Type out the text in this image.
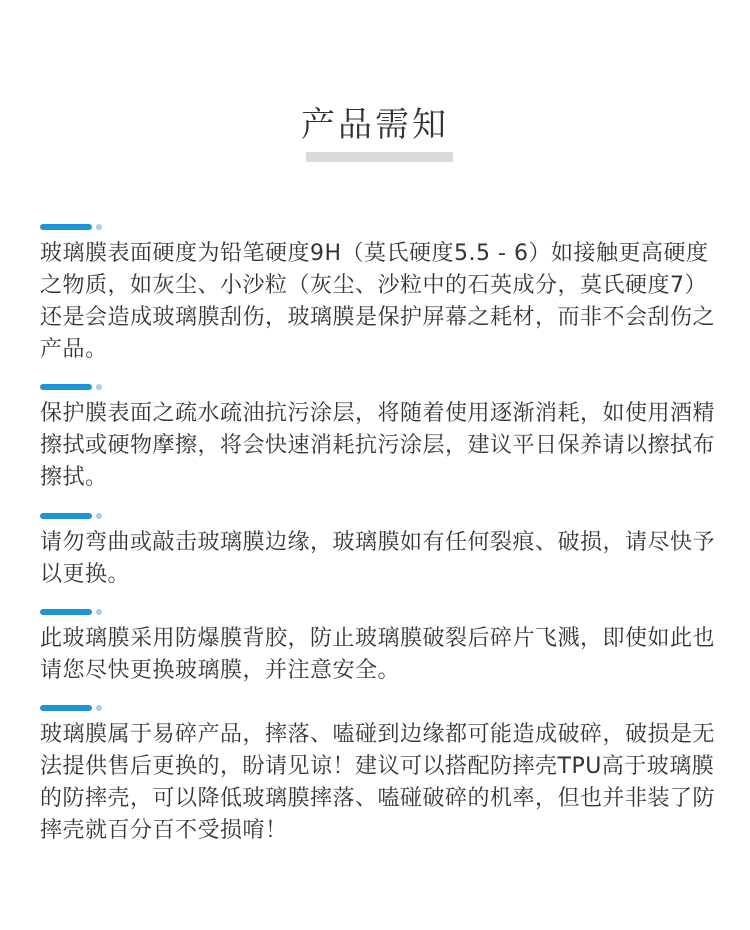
产品需知

玻璃膜表面硬度为铅笔硬度9H（莫氏硬度5.5 - 6）如接触更高硬度之物质，如灰尘、小沙粒（灰尘、沙粒中的石英成分，莫氏硬度7）还是会造成玻璃膜刮伤，玻璃膜是保护屏幕之耗材，而非不会刮伤之产品。

保护膜表面之疏水疏油抗污涂层，将随着使用逐渐消耗，如使用酒精擦拭或硬物摩擦，将会快速消耗抗污涂层，建议平日保养请以擦拭布擦拭。

请勿弯曲或敲击玻璃膜边缘，玻璃膜如有任何裂痕、破损，请尽快予以更换。

此玻璃膜采用防爆膜背胶，防止玻璃膜破裂后碎片飞溅，即使如此也请您尽快更换玻璃膜，并注意安全。

玻璃膜属于易碎产品，摔落、嗑碰到边缘都可能造成破碎，破损是无法提供售后更换的，盼请见谅！建议可以搭配防摔壳TPU高于玻璃膜的防摔壳，可以降低玻璃膜摔落、嗑碰破碎的机率，但也并非装了防摔壳就百分百不受损唷！
